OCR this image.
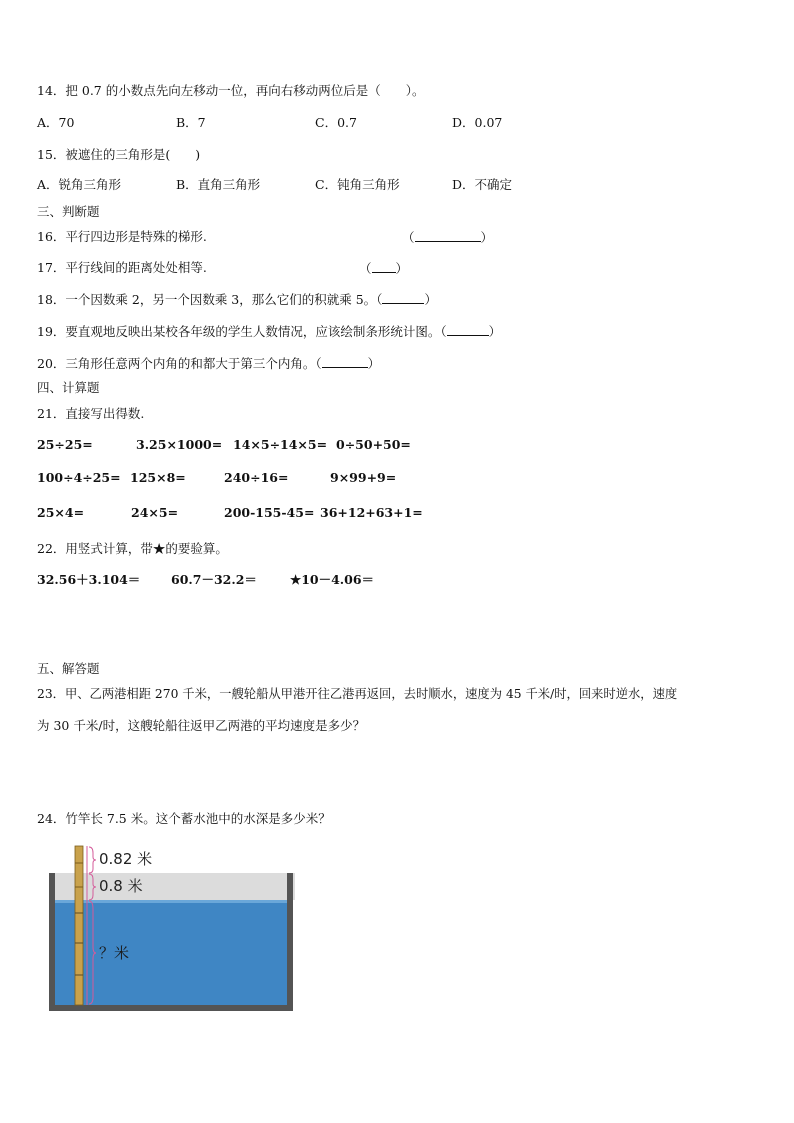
14．把 0.7 的小数点先向左移动一位，再向右移动两位后是（　　）。
A．70	B．7	C．0.7	D．0.07
15．被遮住的三角形是(　　)
A．锐角三角形	B．直角三角形	C．钝角三角形	D．不确定
三、判断题
16．平行四边形是特殊的梯形.	（	）
17．平行线间的距离处处相等.	（ ）
18．一个因数乘 2，另一个因数乘 3，那么它们的积就乘 5。（	）
19．要直观地反映出某校各年级的学生人数情况，应该绘制条形统计图。（	）
20．三角形任意两个内角的和都大于第三个内角。（	）
四、计算题
21．直接写出得数.
25÷25=	3.25×1000= 14×5÷14×5= 0÷50+50=
100÷4÷25= 125×8=	240÷16=	9×99+9=
25×4=	24×5=	200-155-45= 36+12+63+1=
22．用竖式计算，带★的要验算。
32.56＋3.104＝ 60.7－32.2＝	★10－4.06＝
五、解答题
23．甲、乙两港相距 270 千米，一艘轮船从甲港开往乙港再返回，去时顺水，速度为 45 千米/时，回来时逆水，速度
为 30 千米/时，这艘轮船往返甲乙两港的平均速度是多少？
24．竹竿长 7.5 米。这个蓄水池中的水深是多少米？
0.82 米
0.8 米
？米
